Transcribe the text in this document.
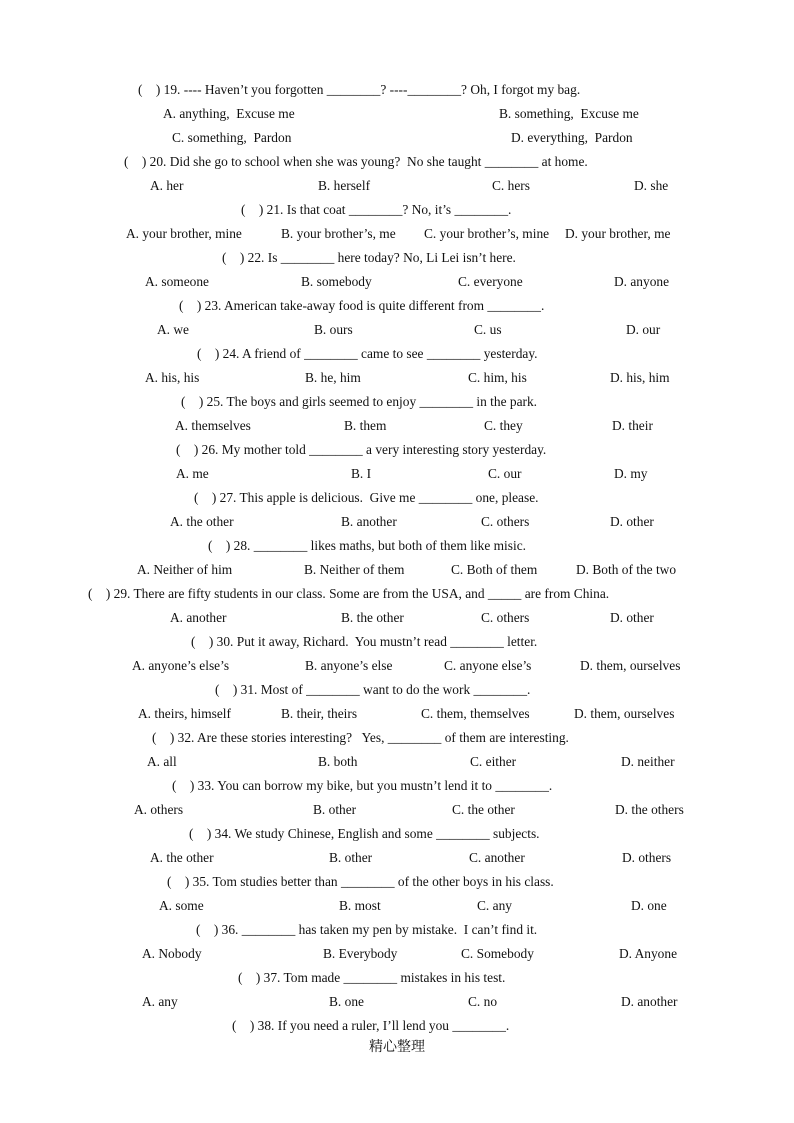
(    ) 19. ---- Haven’t you forgotten ________? ----________? Oh, I forgot my bag.
A. anything,  Excuse me	B. something,  Excuse me
C. something,  Pardon	D. everything,  Pardon
(    ) 20. Did she go to school when she was young?  No she taught ________ at home.
A. her	B. herself	C. hers	D. she
(    ) 21. Is that coat ________? No, it’s ________.
A. your brother, mine	B. your brother’s, me C. your brother’s, mine D. your brother, me
(    ) 22. Is ________ here today? No, Li Lei isn’t here.
A. someone	B. somebody	C. everyone	D. anyone
(    ) 23. American take-away food is quite different from ________.
A. we	B. ours	C. us	D. our
(    ) 24. A friend of ________ came to see ________ yesterday.
A. his, his	B. he, him	C. him, his	D. his, him
(    ) 25. The boys and girls seemed to enjoy ________ in the park.
A. themselves	B. them	C. they	D. their
(    ) 26. My mother told ________ a very interesting story yesterday.
A. me	B. I	C. our	D. my
(    ) 27. This apple is delicious.  Give me ________ one, please.
A. the other	B. another	C. others	D. other
(    ) 28. ________ likes maths, but both of them like misic.
A. Neither of him	B. Neither of them	C. Both of them	D. Both of the two
(    ) 29. There are fifty students in our class. Some are from the USA, and _____ are from China.
A. another	B. the other	C. others	D. other
(    ) 30. Put it away, Richard.  You mustn’t read ________ letter.
A. anyone’s else’s	B. anyone’s else	C. anyone else’s	D. them, ourselves
(    ) 31. Most of ________ want to do the work ________.
A. theirs, himself	B. their, theirs	C. them, themselves	D. them, ourselves
(    ) 32. Are these stories interesting?   Yes, ________ of them are interesting.
A. all	B. both	C. either	D. neither
(    ) 33. You can borrow my bike, but you mustn’t lend it to ________.
A. others	B. other	C. the other	D. the others
(    ) 34. We study Chinese, English and some ________ subjects.
A. the other	B. other	C. another	D. others
(    ) 35. Tom studies better than ________ of the other boys in his class.
A. some	B. most	C. any	D. one
(    ) 36. ________ has taken my pen by mistake.  I can’t find it.
A. Nobody	B. Everybody	C. Somebody	D. Anyone
(    ) 37. Tom made ________ mistakes in his test.
A. any	B. one	C. no	D. another
(    ) 38. If you need a ruler, I’ll lend you ________.
精心整理
